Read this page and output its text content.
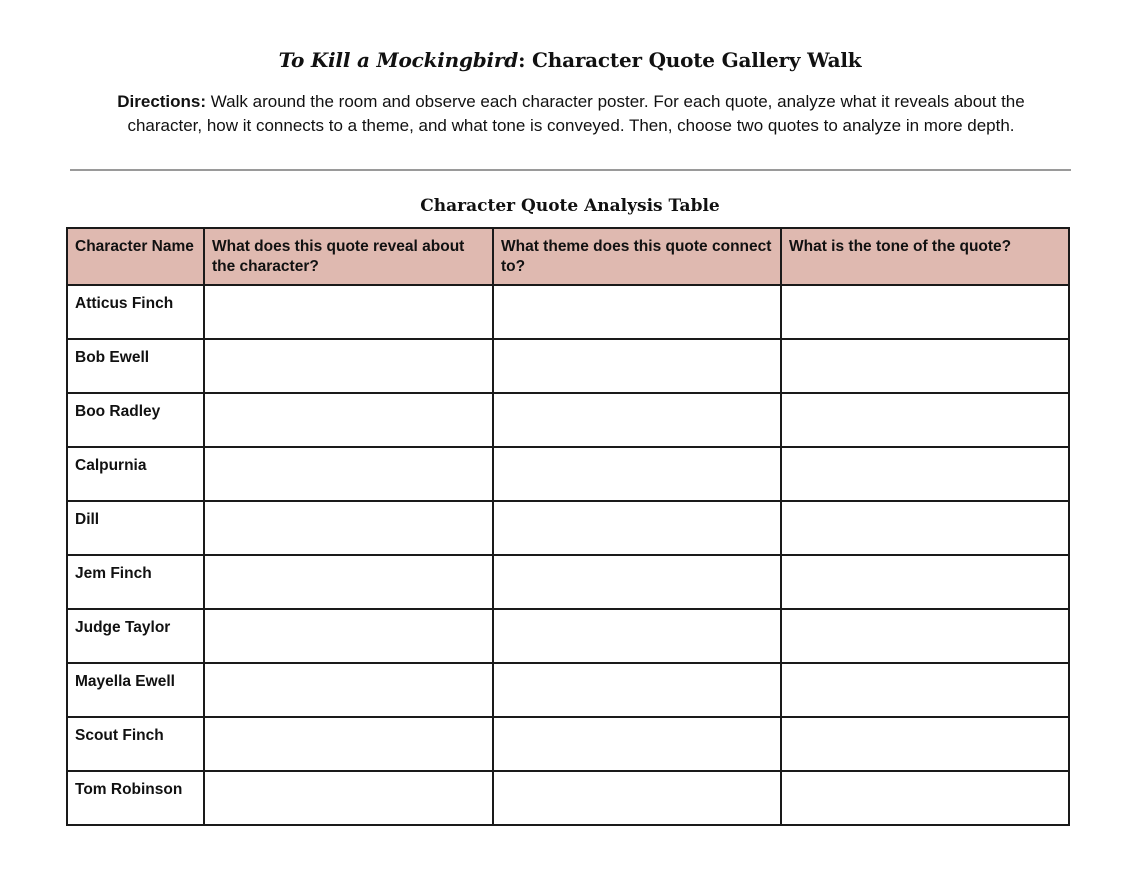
To Kill a Mockingbird: Character Quote Gallery Walk
Directions: Walk around the room and observe each character poster. For each quote, analyze what it reveals about the character, how it connects to a theme, and what tone is conveyed. Then, choose two quotes to analyze in more depth.
Character Quote Analysis Table
Character Name	What does this quote reveal about the character?	What theme does this quote connect to?	What is the tone of the quote?
Atticus Finch			
Bob Ewell			
Boo Radley			
Calpurnia			
Dill			
Jem Finch			
Judge Taylor			
Mayella Ewell			
Scout Finch			
Tom Robinson			
